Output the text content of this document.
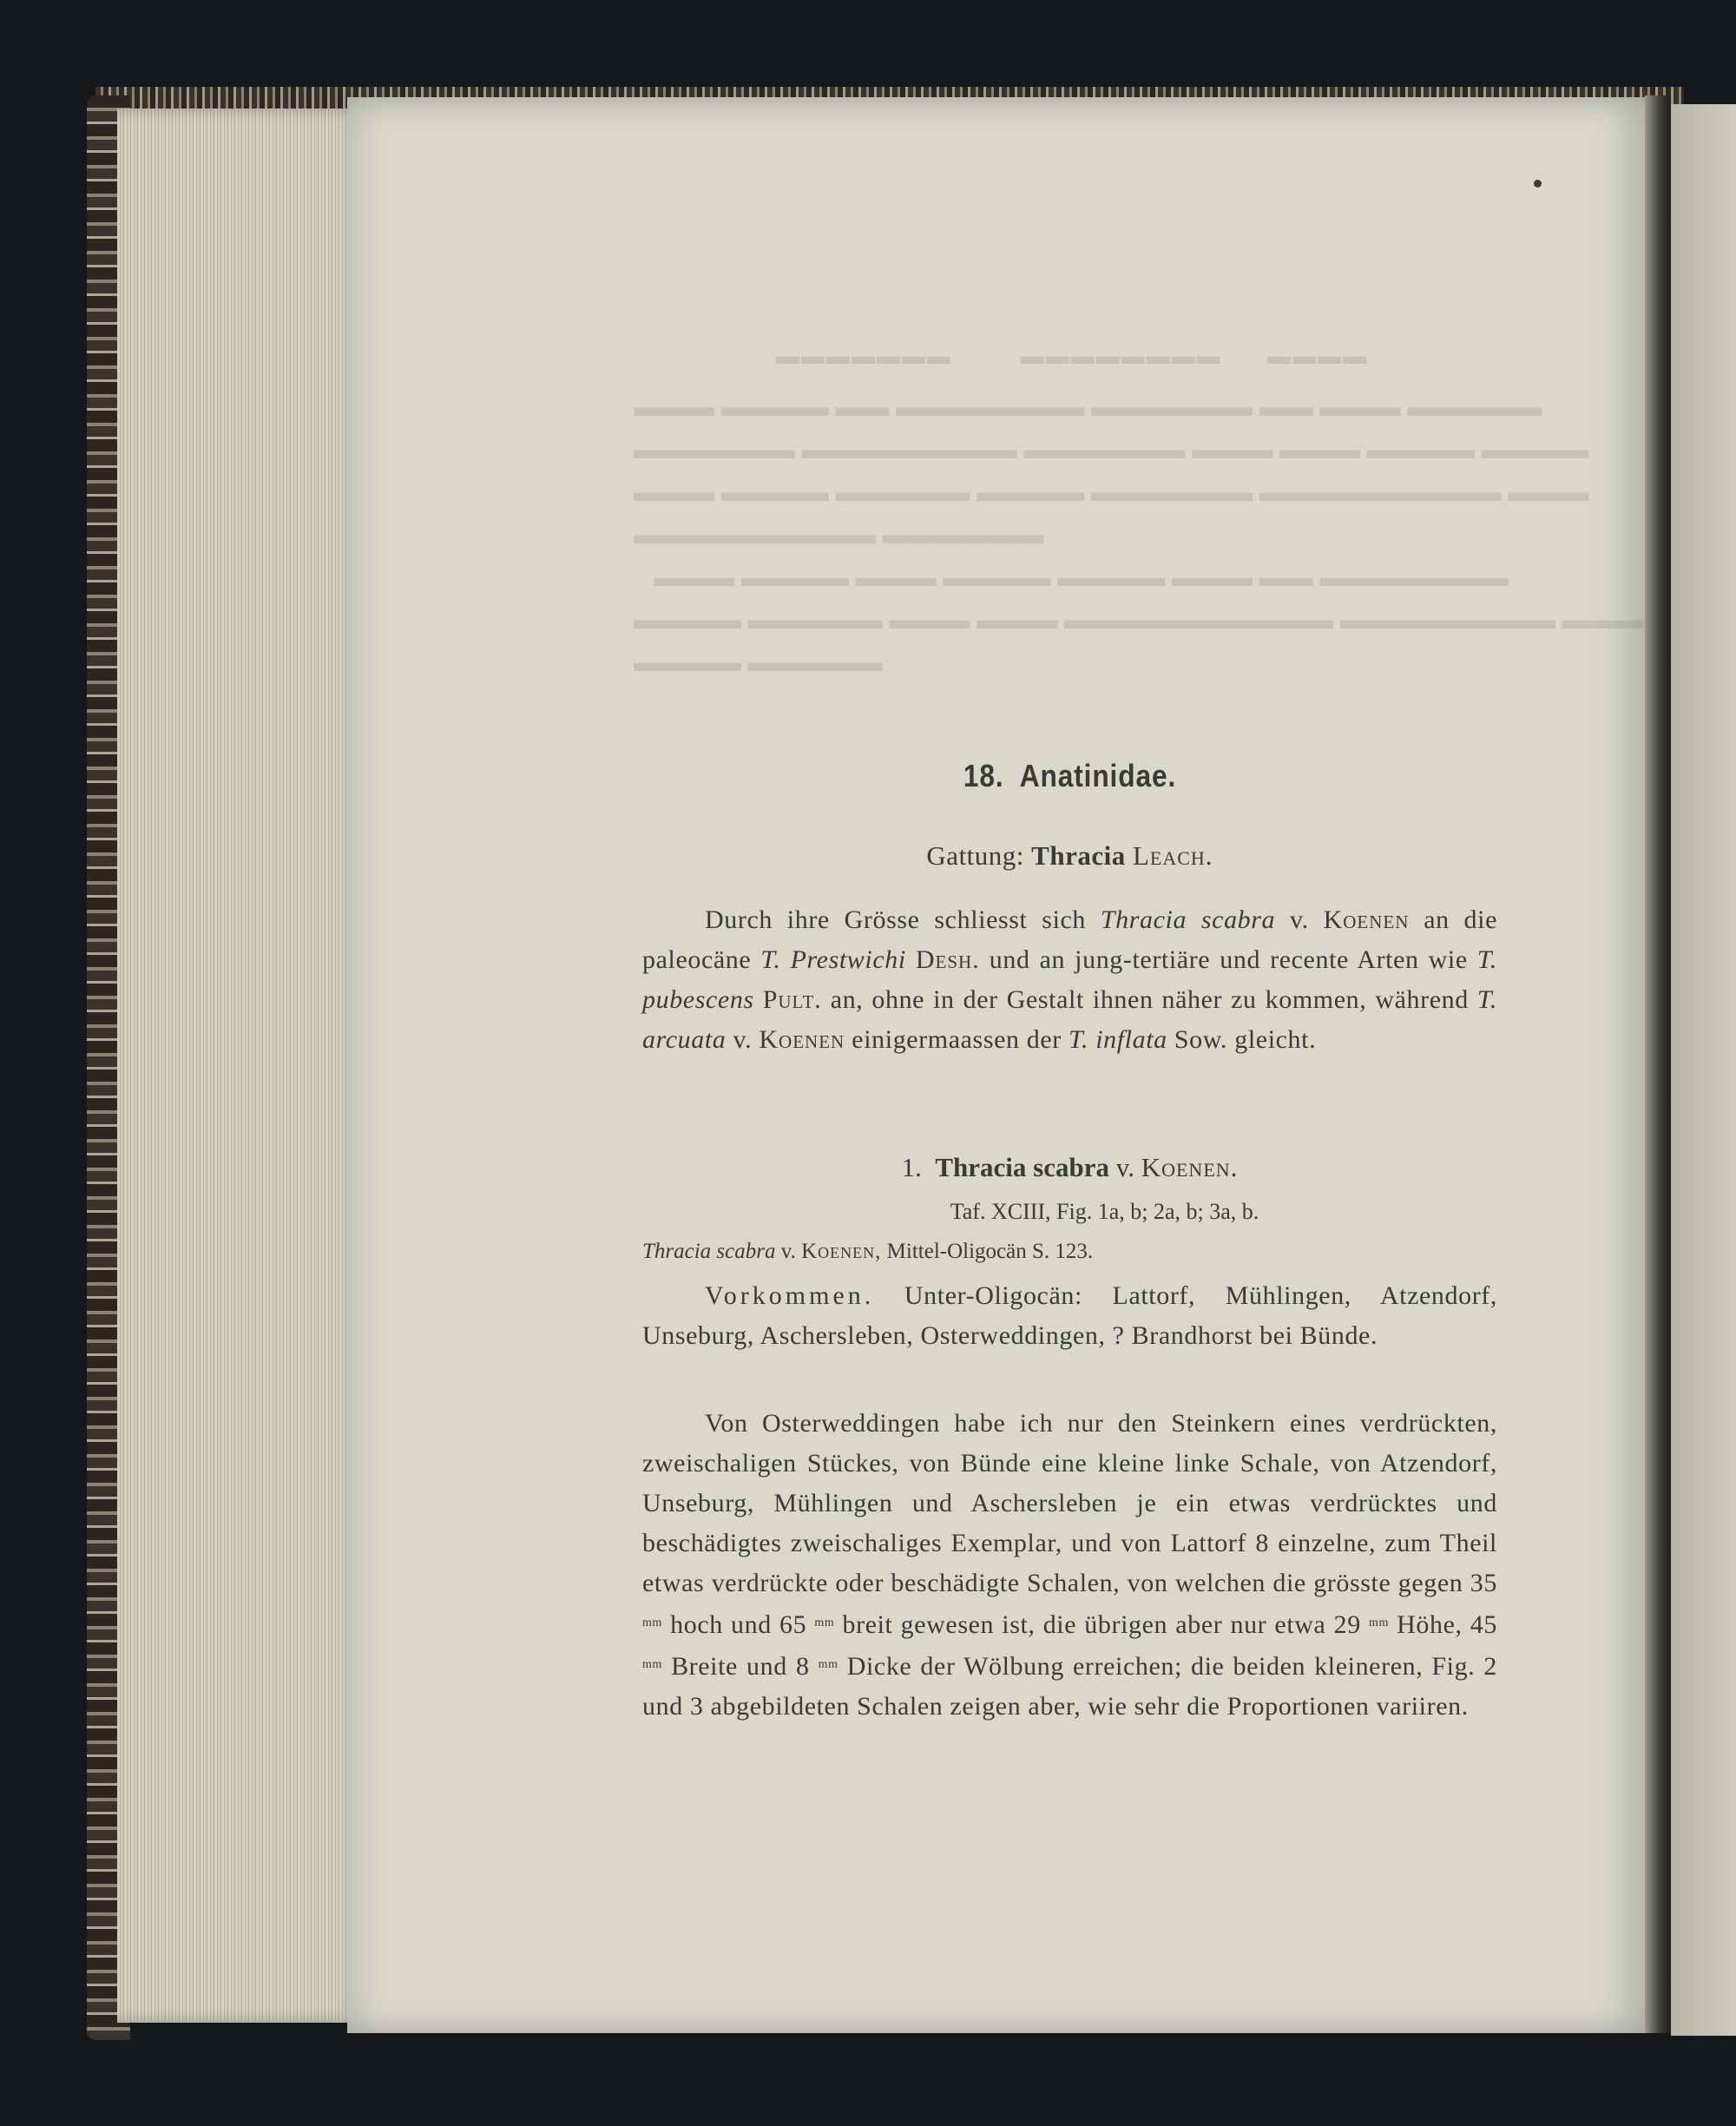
▬▬▬▬▬▬▬         ▬▬▬▬▬▬▬▬      ▬▬▬▬
▬▬▬ ▬▬▬▬ ▬▬ ▬▬▬▬▬▬▬ ▬▬▬▬▬▬ ▬▬ ▬▬▬ ▬▬▬▬▬
▬▬▬▬▬▬ ▬▬▬▬▬▬▬▬ ▬▬▬▬▬▬ ▬▬▬ ▬▬▬ ▬▬▬▬ ▬▬▬▬
▬▬▬ ▬▬▬▬ ▬▬▬▬▬ ▬▬▬▬ ▬▬▬▬▬▬ ▬▬▬▬▬▬▬▬▬ ▬▬▬
▬▬▬▬▬▬▬▬▬ ▬▬▬▬▬▬
▬▬▬ ▬▬▬▬ ▬▬▬ ▬▬▬▬ ▬▬▬▬ ▬▬▬ ▬▬ ▬▬▬▬▬▬▬
▬▬▬▬ ▬▬▬▬▬ ▬▬▬ ▬▬▬ ▬▬▬▬▬▬▬▬▬▬ ▬▬▬▬▬▬▬▬ ▬▬▬
▬▬▬▬ ▬▬▬▬▬
18. Anatinidae.
Gattung: Thracia Leach.
Durch ihre Grösse schliesst sich Thracia scabra v. Koenen an die paleocäne T. Prestwichi Desh. und an jung-tertiäre und recente Arten wie T. pubescens Pult. an, ohne in der Gestalt ihnen näher zu kommen, während T. arcuata v. Koenen einigermaassen der T. inflata Sow. gleicht.
1. Thracia scabra v. Koenen.
Taf. XCIII, Fig. 1a, b; 2a, b; 3a, b.
Thracia scabra v. Koenen, Mittel-Oligocän S. 123.
Vorkommen. Unter-Oligocän: Lattorf, Mühlingen, Atzendorf, Unseburg, Aschersleben, Osterweddingen, ? Brandhorst bei Bünde.
Von Osterweddingen habe ich nur den Steinkern eines verdrückten, zweischaligen Stückes, von Bünde eine kleine linke Schale, von Atzendorf, Unseburg, Mühlingen und Aschersleben je ein etwas verdrücktes und beschädigtes zweischaliges Exemplar, und von Lattorf 8 einzelne, zum Theil etwas verdrückte oder beschädigte Schalen, von welchen die grösste gegen 35 $^{mm}$ hoch und 65 $^{mm}$ breit gewesen ist, die übrigen aber nur etwa 29 $^{mm}$ Höhe, 45 $^{mm}$ Breite und 8 $^{mm}$ Dicke der Wölbung erreichen; die beiden kleineren, Fig. 2 und 3 abgebildeten Schalen zeigen aber, wie sehr die Proportionen variiren.
